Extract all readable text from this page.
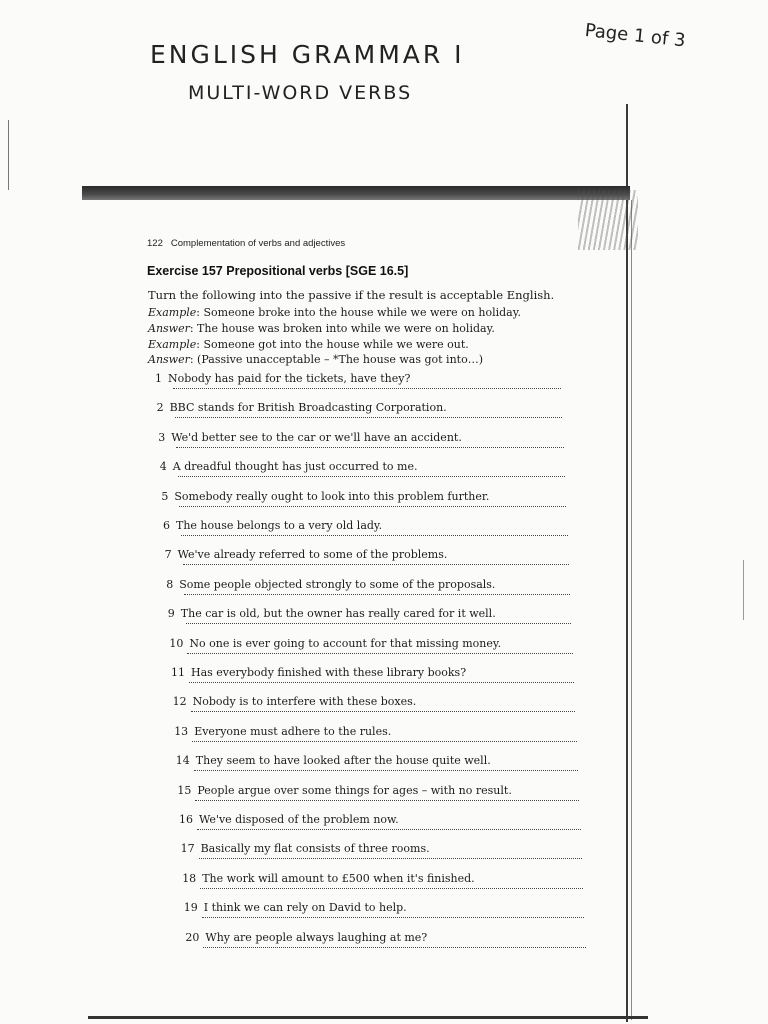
ENGLISH GRAMMAR I
MULTI-WORD VERBS
Page 1 of 3
122 Complementation of verbs and adjectives
Exercise 157 Prepositional verbs [SGE 16.5]
Turn the following into the passive if the result is acceptable English.
Example: Someone broke into the house while we were on holiday.
Answer: The house was broken into while we were on holiday.
Example: Someone got into the house while we were out.
Answer: (Passive unacceptable – *The house was got into…)
1 Nobody has paid for the tickets, have they?
2 BBC stands for British Broadcasting Corporation.
3 We'd better see to the car or we'll have an accident.
4 A dreadful thought has just occurred to me.
5 Somebody really ought to look into this problem further.
6 The house belongs to a very old lady.
7 We've already referred to some of the problems.
8 Some people objected strongly to some of the proposals.
9 The car is old, but the owner has really cared for it well.
10 No one is ever going to account for that missing money.
11 Has everybody finished with these library books?
12 Nobody is to interfere with these boxes.
13 Everyone must adhere to the rules.
14 They seem to have looked after the house quite well.
15 People argue over some things for ages – with no result.
16 We've disposed of the problem now.
17 Basically my flat consists of three rooms.
18 The work will amount to £500 when it's finished.
19 I think we can rely on David to help.
20 Why are people always laughing at me?
